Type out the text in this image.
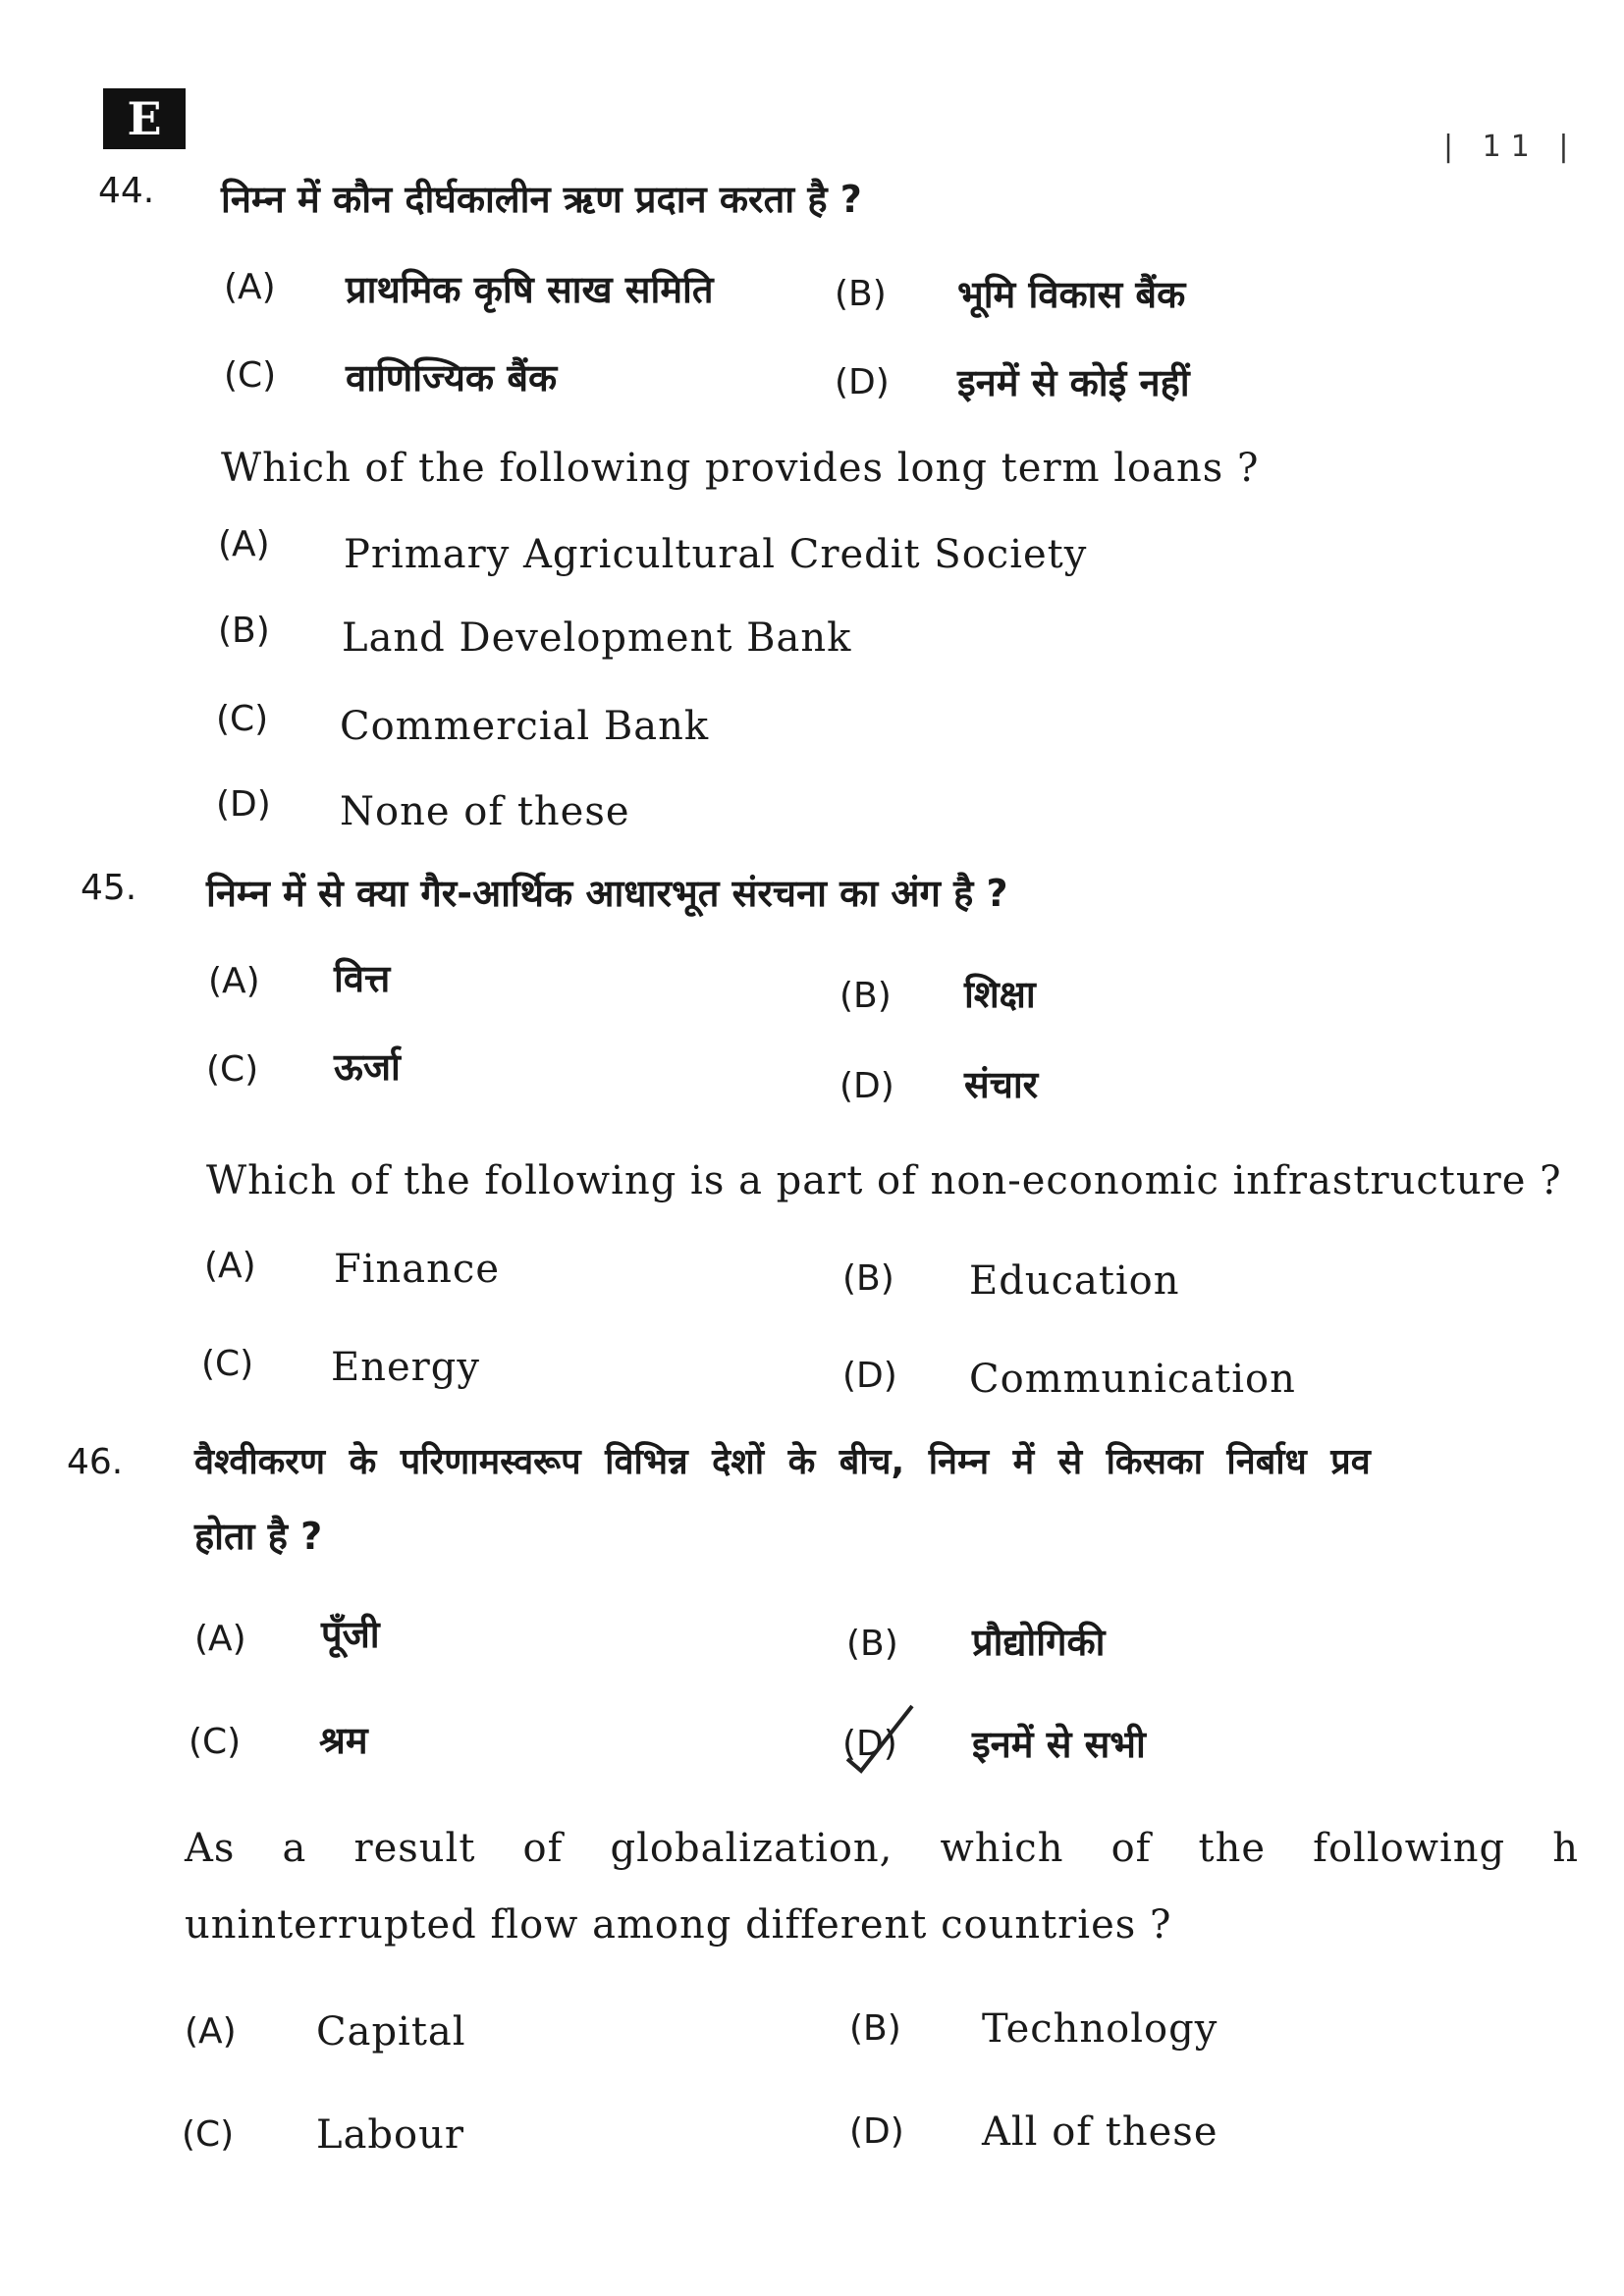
E
| 11 |
44. निम्न में कौन दीर्घकालीन ऋण प्रदान करता है ?
(A) प्राथमिक कृषि साख समिति	(B) भूमि विकास बैंक
(C) वाणिज्यिक बैंक	(D) इनमें से कोई नहीं
Which of the following provides long term loans ?
(A) Primary Agricultural Credit Society
(B) Land Development Bank
(C) Commercial Bank
(D) None of these
45. निम्न में से क्या गैर-आर्थिक आधारभूत संरचना का अंग है ?
(A) वित्त	(B) शिक्षा
(C) ऊर्जा	(D) संचार
Which of the following is a part of non-economic infrastructure ?
(A) Finance	(B) Education
(C) Energy	(D) Communication
46. वैश्वीकरण के परिणामस्वरूप विभिन्न देशों के बीच, निम्न में से किसका निर्बाध प्रव
होता है ?
(A) पूँजी	(B) प्रौद्योगिकी
(C) श्रम	(D) इनमें से सभी
As a result of globalization, which of the following h
uninterrupted flow among different countries ?
(A) Capital	(B) Technology
(C) Labour	(D) All of these
